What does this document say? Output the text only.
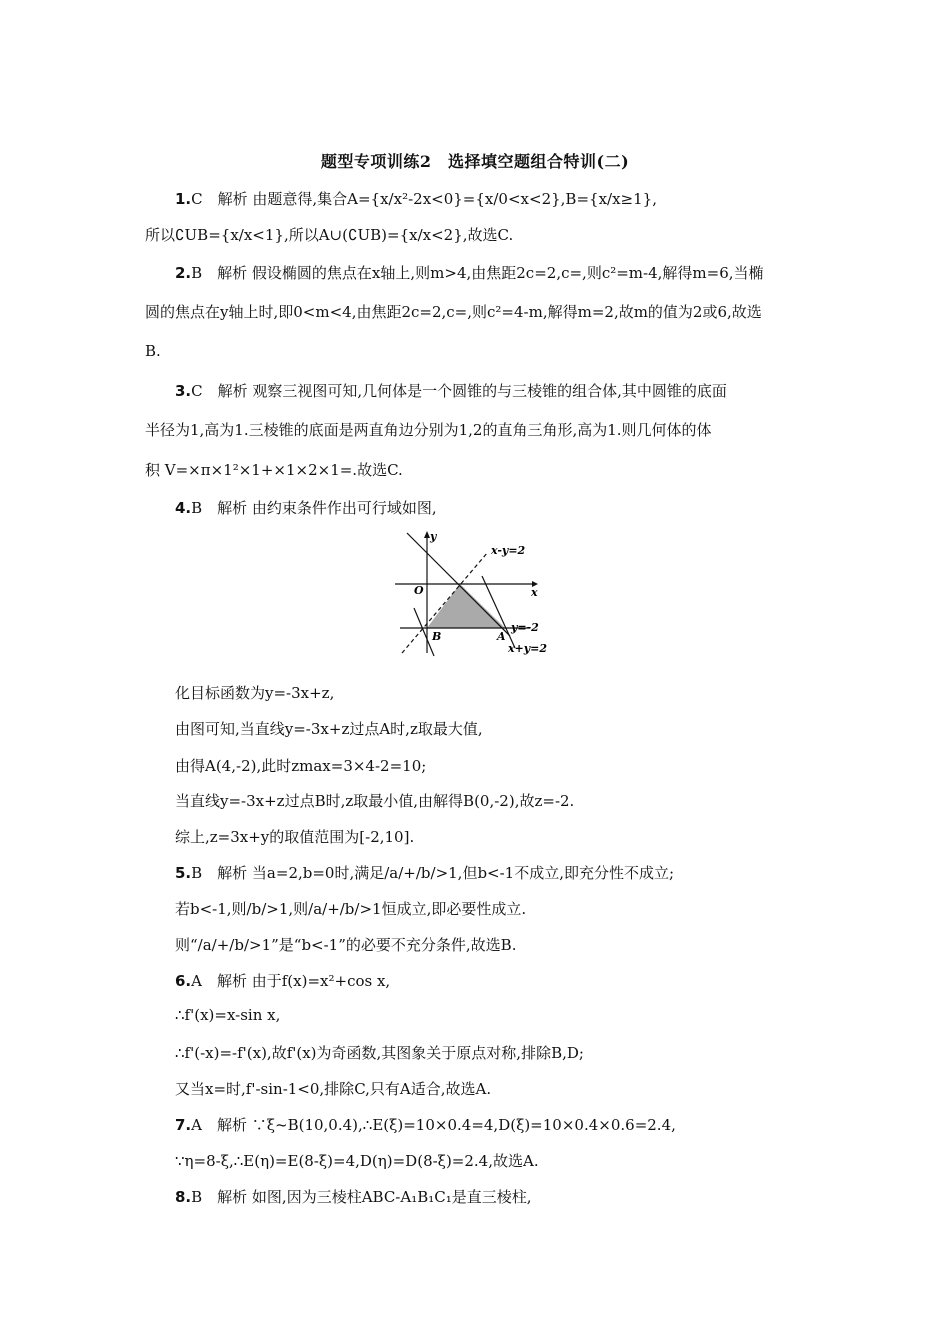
题型专项训练2　选择填空题组合特训(二)
1.C　解析 由题意得,集合A={x/x²-2x<0}={x/0<x<2},B={x/x≥1},
所以∁UB={x/x<1},所以A∪(∁UB)={x/x<2},故选C.
2.B　解析 假设椭圆的焦点在x轴上,则m>4,由焦距2c=2,c=,则c²=m-4,解得m=6,当椭
圆的焦点在y轴上时,即0<m<4,由焦距2c=2,c=,则c²=4-m,解得m=2,故m的值为2或6,故选
B.
3.C　解析 观察三视图可知,几何体是一个圆锥的与三棱锥的组合体,其中圆锥的底面
半径为1,高为1.三棱锥的底面是两直角边分别为1,2的直角三角形,高为1.则几何体的体
积 V=×π×1²×1+×1×2×1=.故选C.
4.B　解析 由约束条件作出可行域如图,
y
x
O
B	A
x-y=2
y=-2
x+y=2
化目标函数为y=-3x+z,
由图可知,当直线y=-3x+z过点A时,z取最大值,
由得A(4,-2),此时zmax=3×4-2=10;
当直线y=-3x+z过点B时,z取最小值,由解得B(0,-2),故z=-2.
综上,z=3x+y的取值范围为[-2,10].
5.B　解析 当a=2,b=0时,满足/a/+/b/>1,但b<-1不成立,即充分性不成立;
若b<-1,则/b/>1,则/a/+/b/>1恒成立,即必要性成立.
则“/a/+/b/>1”是“b<-1”的必要不充分条件,故选B.
6.A　解析 由于f(x)=x²+cos x,
∴f'(x)=x-sin x,
∴f'(-x)=-f'(x),故f'(x)为奇函数,其图象关于原点对称,排除B,D;
又当x=时,f'-sin-1<0,排除C,只有A适合,故选A.
7.A　解析 ∵ξ~B(10,0.4),∴E(ξ)=10×0.4=4,D(ξ)=10×0.4×0.6=2.4,
∵η=8-ξ,∴E(η)=E(8-ξ)=4,D(η)=D(8-ξ)=2.4,故选A.
8.B　解析 如图,因为三棱柱ABC-A₁B₁C₁是直三棱柱,
